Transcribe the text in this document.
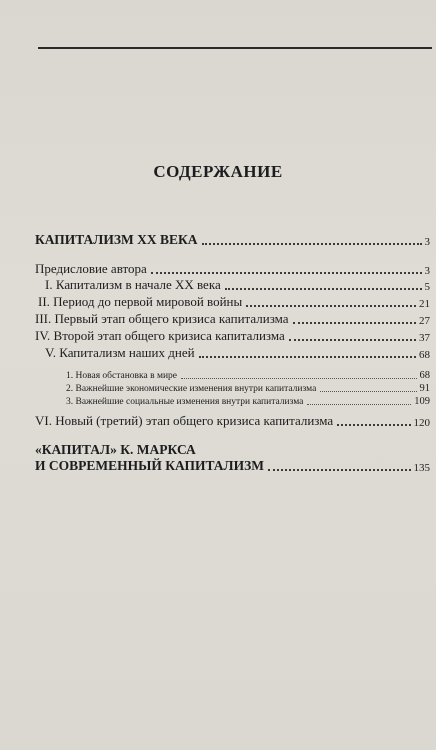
СОДЕРЖАНИЕ
КАПИТАЛИЗМ XX ВЕКА	3
Предисловие автора	3
I. Капитализм в начале XX века	5
II. Период до первой мировой войны	21
III. Первый этап общего кризиса капитализма	27
IV. Второй этап общего кризиса капитализма	37
V. Капитализм наших дней	68
1. Новая обстановка в мире	68
2. Важнейшие экономические изменения внутри капитализма	91
3. Важнейшие социальные изменения внутри капитализма	109
VI. Новый (третий) этап общего кризиса капитализма	120
«КАПИТАЛ» К. МАРКСА
И СОВРЕМЕННЫЙ КАПИТАЛИЗМ	135
